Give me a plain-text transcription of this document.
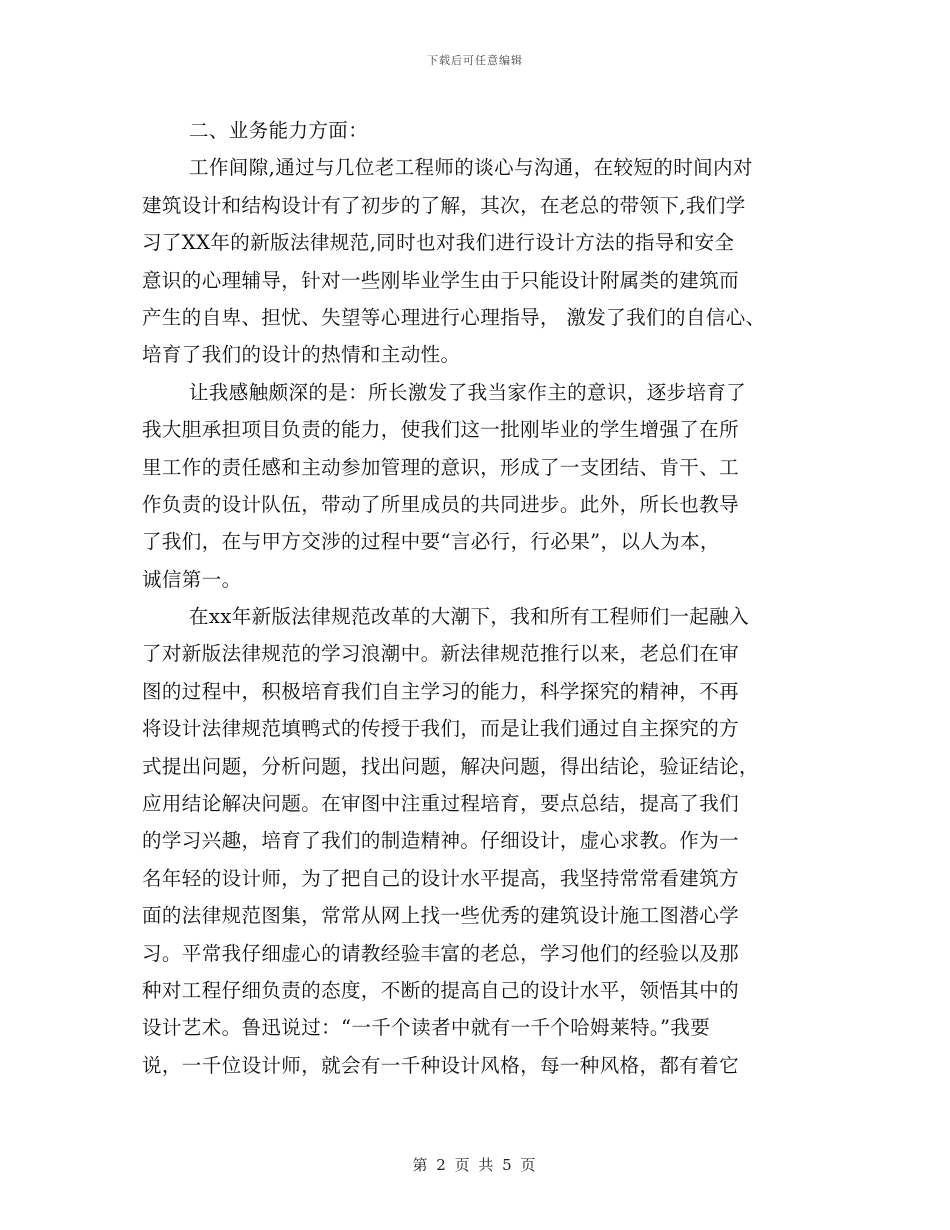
下载后可任意编辑
二、业务能力方面：
工作间隙,通过与几位老工程师的谈心与沟通，在较短的时间内对
建筑设计和结构设计有了初步的了解，其次，在老总的带领下,我们学
习了XX年的新版法律规范,同时也对我们进行设计方法的指导和安全
意识的心理辅导，针对一些刚毕业学生由于只能设计附属类的建筑而
产生的自卑、担忧、失望等心理进行心理指导， 激发了我们的自信心、
培育了我们的设计的热情和主动性。
让我感触颇深的是：所长激发了我当家作主的意识，逐步培育了
我大胆承担项目负责的能力，使我们这一批刚毕业的学生增强了在所
里工作的责任感和主动参加管理的意识，形成了一支团结、肯干、工
作负责的设计队伍，带动了所里成员的共同进步。此外，所长也教导
了我们，在与甲方交涉的过程中要“言必行，行必果”，以人为本，
诚信第一。
在xx年新版法律规范改革的大潮下，我和所有工程师们一起融入
了对新版法律规范的学习浪潮中。新法律规范推行以来，老总们在审
图的过程中，积极培育我们自主学习的能力，科学探究的精神，不再
将设计法律规范填鸭式的传授于我们，而是让我们通过自主探究的方
式提出问题，分析问题，找出问题，解决问题，得出结论，验证结论，
应用结论解决问题。在审图中注重过程培育，要点总结，提高了我们
的学习兴趣，培育了我们的制造精神。仔细设计，虚心求教。作为一
名年轻的设计师，为了把自己的设计水平提高，我坚持常常看建筑方
面的法律规范图集，常常从网上找一些优秀的建筑设计施工图潜心学
习。平常我仔细虚心的请教经验丰富的老总，学习他们的经验以及那
种对工程仔细负责的态度，不断的提高自己的设计水平，领悟其中的
设计艺术。鲁迅说过：“一千个读者中就有一千个哈姆莱特。”我要
说，一千位设计师，就会有一千种设计风格，每一种风格，都有着它
第 2 页 共 5 页
